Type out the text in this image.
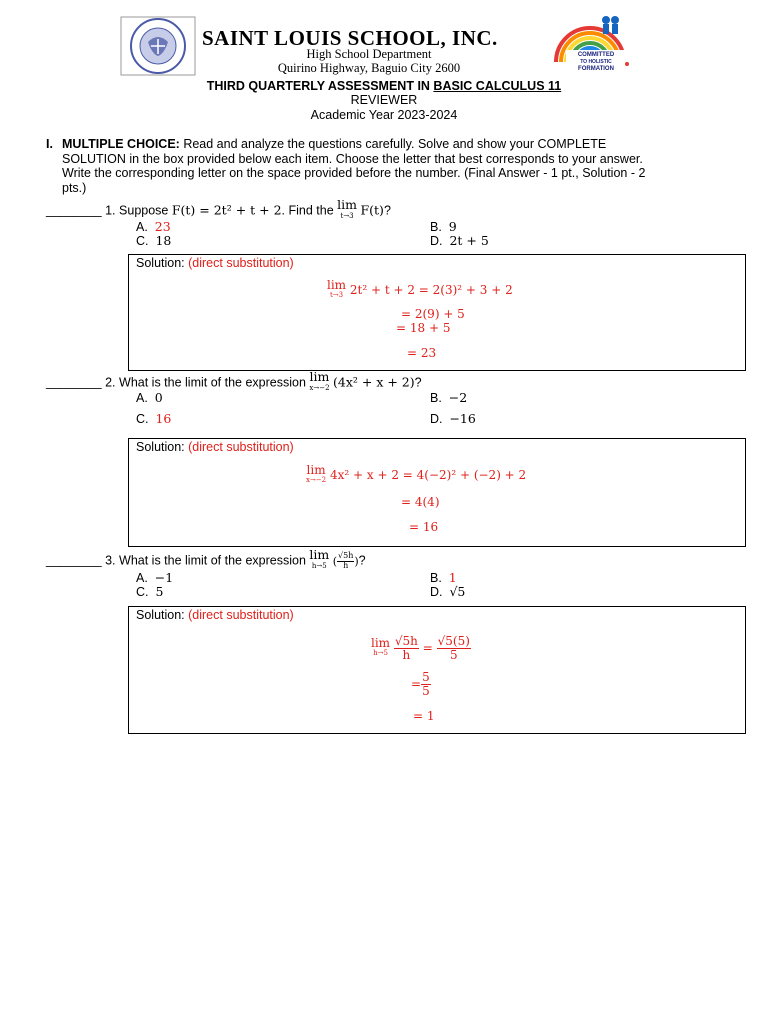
SAINT LOUIS SCHOOL, INC.
High School Department
Quirino Highway, Baguio City 2600
COMMITTED
TO HOLISTIC
FORMATION
THIRD QUARTERLY ASSESSMENT IN BASIC CALCULUS 11
REVIEWER
Academic Year 2023-2024
I. MULTIPLE CHOICE: Read and analyze the questions carefully. Solve and show your COMPLETE
SOLUTION in the box provided below each item. Choose the letter that best corresponds to your answer.
Write the corresponding letter on the space provided before the number. (Final Answer - 1 pt., Solution - 2
pts.)
________ 1. Suppose F(t) = 2t² + t + 2. Find the lim
t→3 F(t)?
A.  23	B.  9
C.  18	D.  2t + 5
Solution: (direct substitution)
lim
t→3 2t² + t + 2 = 2(3)² + 3 + 2
= 2(9) + 5
= 18 + 5
= 23
________ 2. What is the limit of the expression lim
x→−2 (4x² + x + 2)?
A.  0	B.  −2
C.  16	D.  −16
Solution: (direct substitution)
lim
x→−2 4x² + x + 2 = 4(−2)² + (−2) + 2
= 4(4)
= 16
________ 3. What is the limit of the expression lim
h→5 ( $\frac{√5h}{h}$ )?
A.  −1	B.  1
C.  5	D.  √5
Solution: (direct substitution)
lim
h→5
$\frac{√5h}{h} = \frac{√5(5)}{5}$
= $\frac{5}{5}$
= 1
